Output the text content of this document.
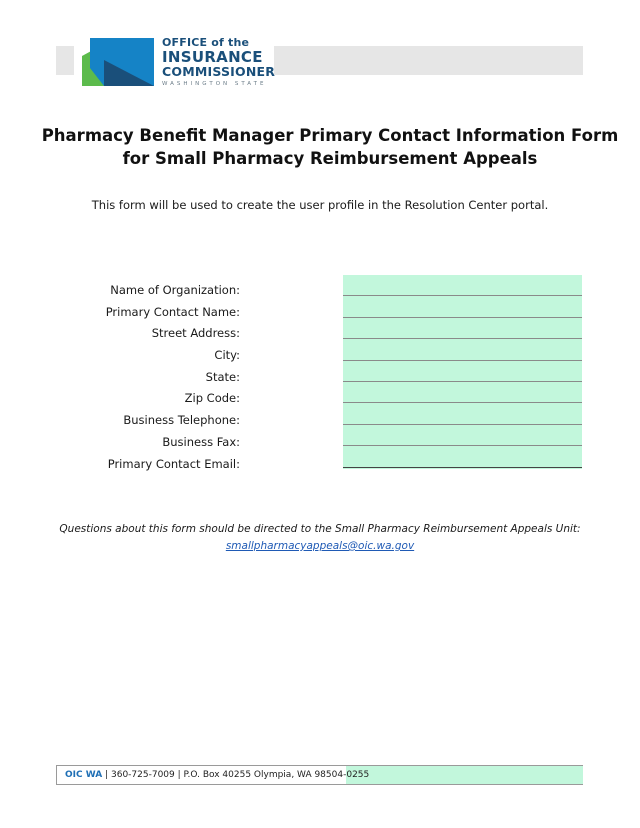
OFFICE of the
INSURANCE
COMMISSIONER
WASHINGTON STATE
Pharmacy Benefit Manager Primary Contact Information Form
for Small Pharmacy Reimbursement Appeals
This form will be used to create the user profile in the Resolution Center portal.
Name of Organization:
Primary Contact Name:
Street Address:
City:
State:
Zip Code:
Business Telephone:
Business Fax:
Primary Contact Email:
Questions about this form should be directed to the Small Pharmacy Reimbursement Appeals Unit:
smallpharmacyappeals@oic.wa.gov
OIC WA | 360-725-7009 | P.O. Box 40255 Olympia, WA 98504-0255
